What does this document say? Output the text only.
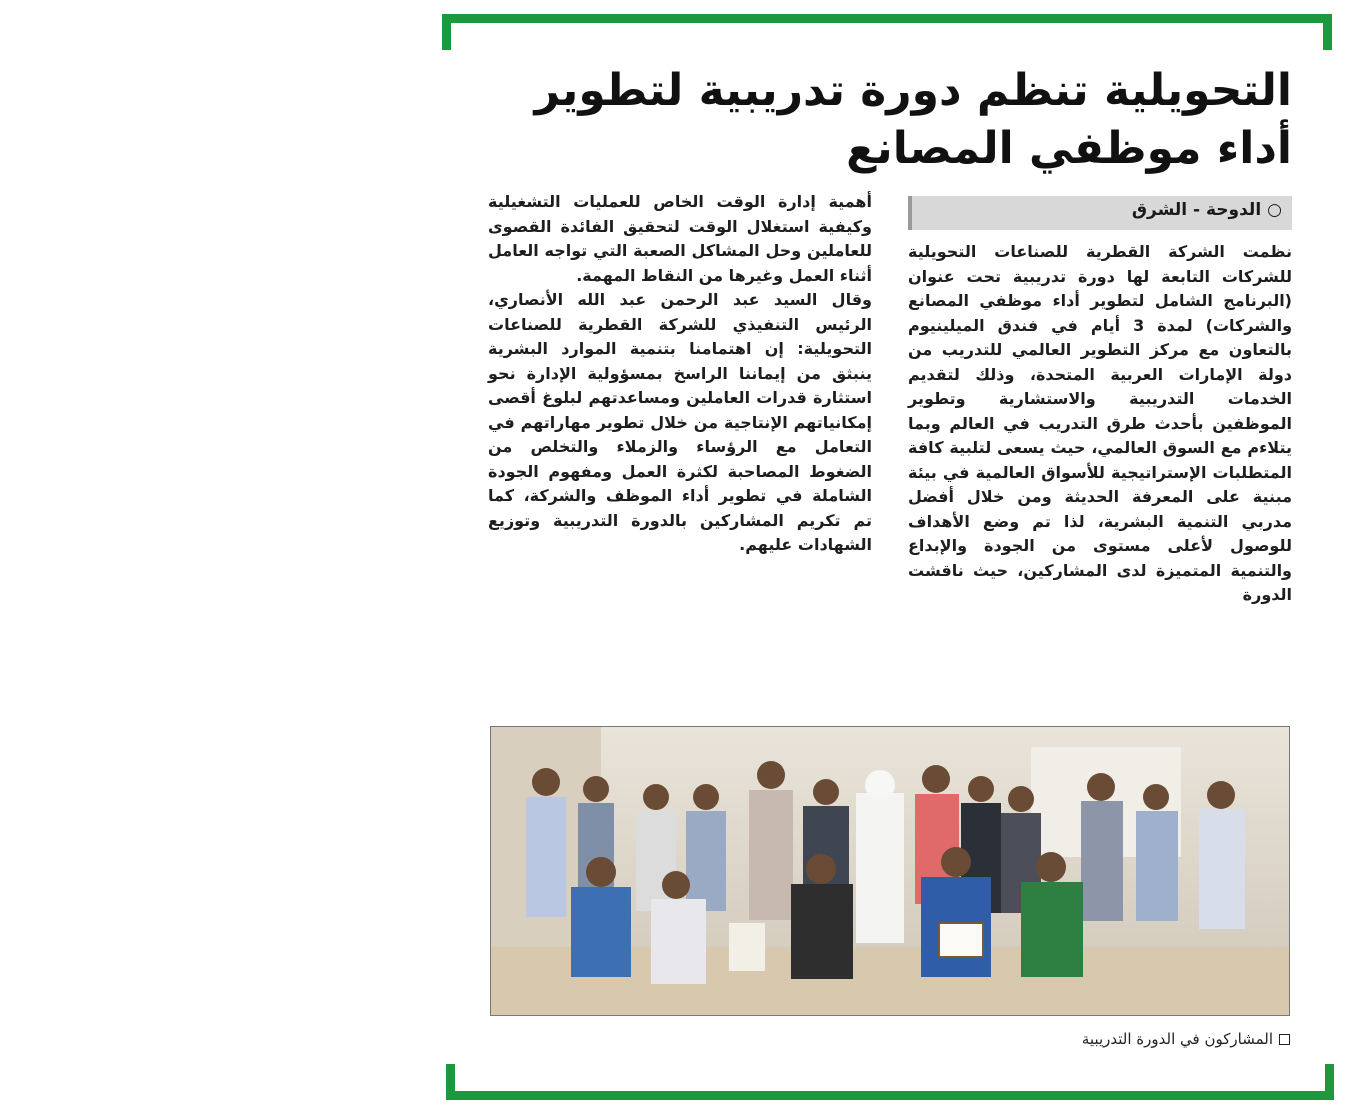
التحويلية تنظم دورة تدريبية لتطوير أداء موظفي المصانع
○الدوحة - الشرق
نظمت الشركة القطرية للصناعات التحويلية للشركات التابعة لها دورة تدريبية تحت عنوان (البرنامج الشامل لتطوير أداء موظفي المصانع والشركات) لمدة 3 أيام في فندق الميلينيوم بالتعاون مع مركز التطوير العالمي للتدريب من دولة الإمارات العربية المتحدة، وذلك لتقديم الخدمات التدريبية والاستشارية وتطوير الموظفين بأحدث طرق التدريب في العالم وبما يتلاءم مع السوق العالمي، حيث يسعى لتلبية كافة المتطلبات الإستراتيجية للأسواق العالمية في بيئة مبنية على المعرفة الحديثة ومن خلال أفضل مدربي التنمية البشرية، لذا تم وضع الأهداف للوصول لأعلى مستوى من الجودة والإبداع والتنمية المتميزة لدى المشاركين، حيث ناقشت الدورة
أهمية إدارة الوقت الخاص للعمليات التشغيلية وكيفية استغلال الوقت لتحقيق الفائدة القصوى للعاملين وحل المشاكل الصعبة التي تواجه العامل أثناء العمل وغيرها من النقاط المهمة.
وقال السيد عبد الرحمن عبد الله الأنصاري، الرئيس التنفيذي للشركة القطرية للصناعات التحويلية: إن اهتمامنا بتنمية الموارد البشرية ينبثق من إيماننا الراسخ بمسؤولية الإدارة نحو استثارة قدرات العاملين ومساعدتهم لبلوغ أقصى إمكانياتهم الإنتاجية من خلال تطوير مهاراتهم في التعامل مع الرؤساء والزملاء والتخلص من الضغوط المصاحبة لكثرة العمل ومفهوم الجودة الشاملة في تطوير أداء الموظف والشركة، كما تم تكريم المشاركين بالدورة التدريبية وتوزيع الشهادات عليهم.
المشاركون في الدورة التدريبية
